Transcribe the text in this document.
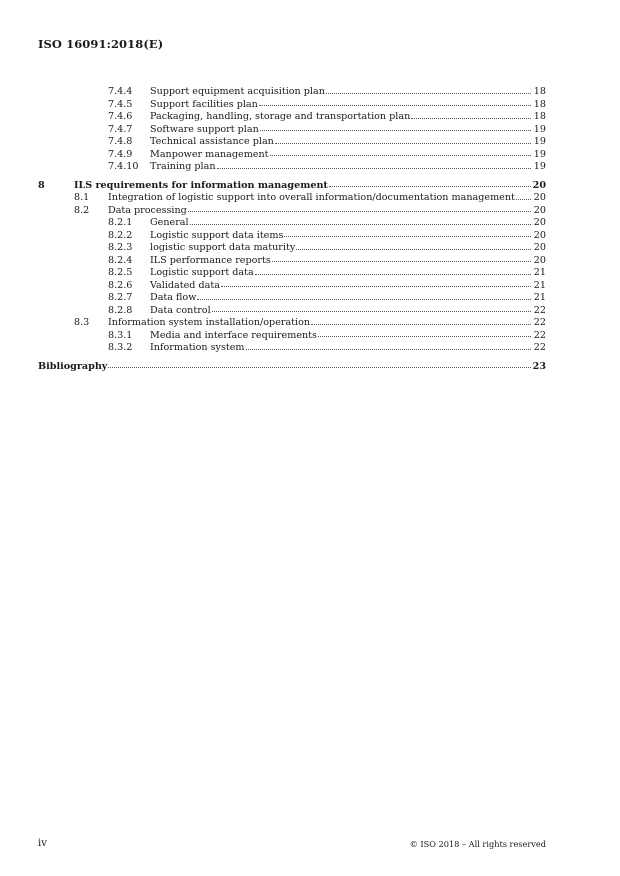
ISO 16091:2018(E)
7.4.4	Support equipment acquisition plan	18
7.4.5	Support facilities plan	18
7.4.6	Packaging, handling, storage and transportation plan	18
7.4.7	Software support plan	19
7.4.8	Technical assistance plan	19
7.4.9	Manpower management	19
7.4.10	Training plan	19
8	ILS requirements for information management	20
8.1	Integration of logistic support into overall information/documentation management 20
8.2	Data processing	20
8.2.1	General	20
8.2.2	Logistic support data items	20
8.2.3	logistic support data maturity	20
8.2.4	ILS performance reports	20
8.2.5	Logistic support data	21
8.2.6	Validated data	21
8.2.7	Data flow	21
8.2.8	Data control	22
8.3	Information system installation/operation	22
8.3.1	Media and interface requirements	22
8.3.2	Information system	22
Bibliography	23
iv	© ISO 2018 – All rights reserved
